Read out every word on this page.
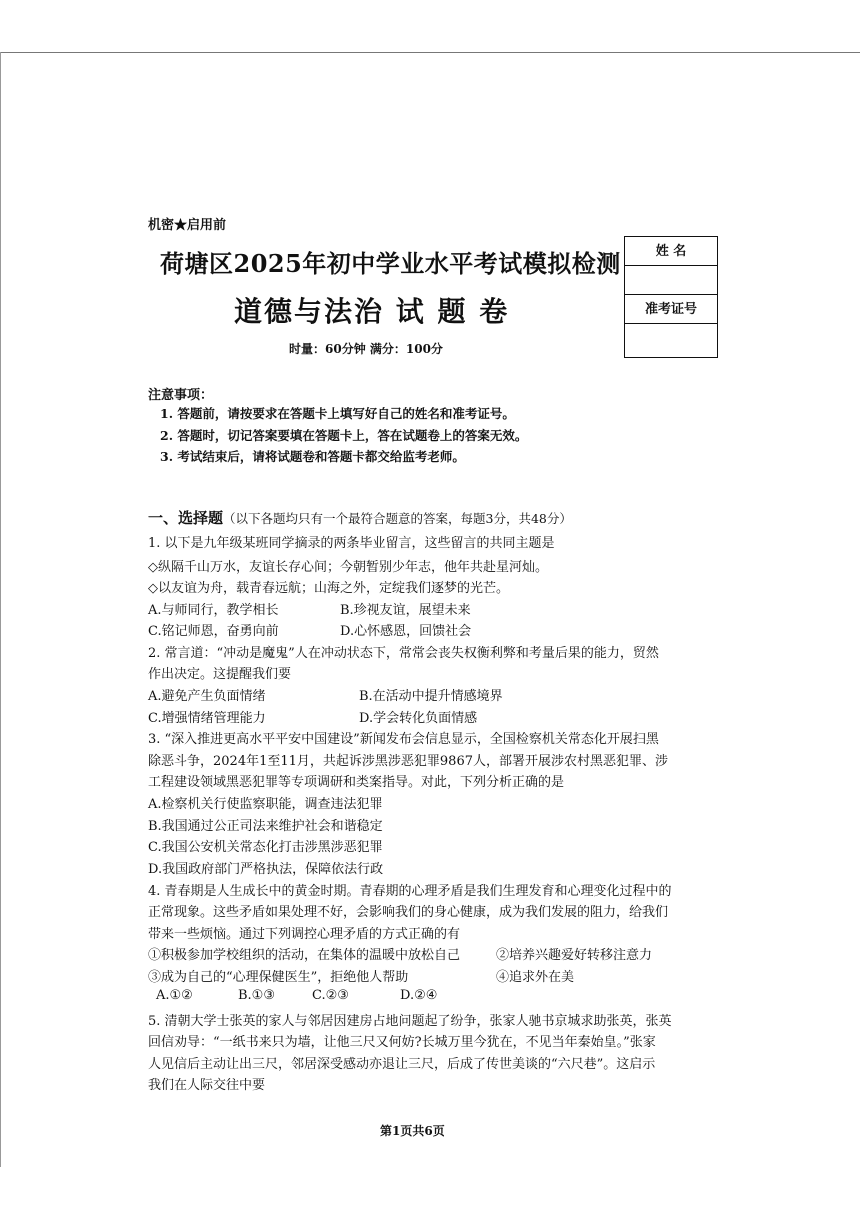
机密★启用前
荷塘区2025年初中学业水平考试模拟检测
道德与法治 试 题 卷
时量：60分钟 满分：100分
姓 名
准考证号
注意事项：
1. 答题前，请按要求在答题卡上填写好自己的姓名和准考证号。
2. 答题时，切记答案要填在答题卡上，答在试题卷上的答案无效。
3. 考试结束后，请将试题卷和答题卡都交给监考老师。
一、选择题（以下各题均只有一个最符合题意的答案，每题3分，共48分）
1. 以下是九年级某班同学摘录的两条毕业留言，这些留言的共同主题是
◇纵隔千山万水，友谊长存心间；今朝暂别少年志，他年共赴星河灿。
◇以友谊为舟，载青春远航；山海之外，定绽我们逐梦的光芒。
A.与师同行，教学相长	B.珍视友谊，展望未来
C.铭记师恩，奋勇向前	D.心怀感恩，回馈社会
2. 常言道：“冲动是魔鬼”人在冲动状态下，常常会丧失权衡利弊和考量后果的能力，贸然
作出决定。这提醒我们要
A.避免产生负面情绪	B.在活动中提升情感境界
C.增强情绪管理能力	D.学会转化负面情感
3. “深入推进更高水平平安中国建设”新闻发布会信息显示，全国检察机关常态化开展扫黑
除恶斗争，2024年1至11月，共起诉涉黑涉恶犯罪9867人，部署开展涉农村黑恶犯罪、涉
工程建设领域黑恶犯罪等专项调研和类案指导。对此，下列分析正确的是
A.检察机关行使监察职能，调查违法犯罪
B.我国通过公正司法来维护社会和谐稳定
C.我国公安机关常态化打击涉黑涉恶犯罪
D.我国政府部门严格执法，保障依法行政
4. 青春期是人生成长中的黄金时期。青春期的心理矛盾是我们生理发育和心理变化过程中的
正常现象。这些矛盾如果处理不好，会影响我们的身心健康，成为我们发展的阻力，给我们
带来一些烦恼。通过下列调控心理矛盾的方式正确的有
①积极参加学校组织的活动，在集体的温暖中放松自己	②培养兴趣爱好转移注意力
③成为自己的“心理保健医生”，拒绝他人帮助	④追求外在美
A.①②	B.①③	C.②③	D.②④
5. 清朝大学士张英的家人与邻居因建房占地问题起了纷争，张家人驰书京城求助张英，张英
回信劝导：“一纸书来只为墙，让他三尺又何妨?长城万里今犹在，不见当年秦始皇。”张家
人见信后主动让出三尺，邻居深受感动亦退让三尺，后成了传世美谈的“六尺巷”。这启示
我们在人际交往中要
第1页共6页
